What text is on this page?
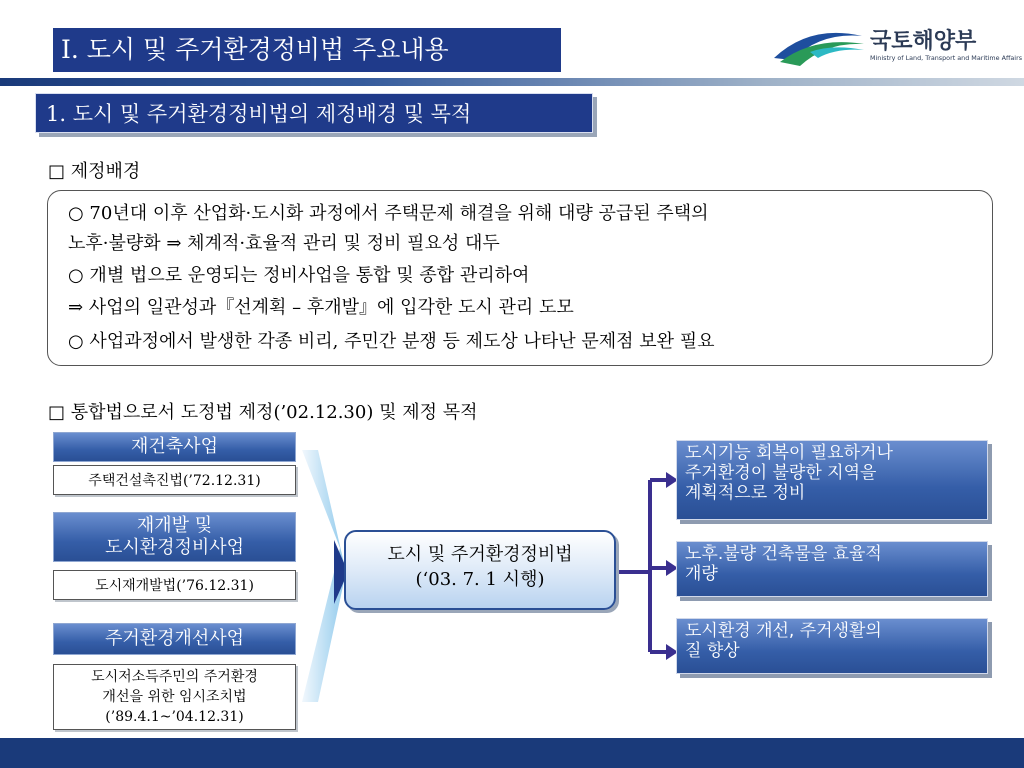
Ⅰ. 도시 및 주거환경정비법 주요내용	국토해양부
Ministry of Land, Transport and Maritime Affairs
1. 도시 및 주거환경정비법의 제정배경 및 목적
□ 제정배경
○ 70년대 이후 산업화·도시화 과정에서 주택문제 해결을 위해 대량 공급된 주택의
노후·불량화 ⇒ 체계적·효율적 관리 및 정비 필요성 대두
○ 개별 법으로 운영되는 정비사업을 통합 및 종합 관리하여
⇒ 사업의 일관성과『선계획 – 후개발』에 입각한 도시 관리 도모
○ 사업과정에서 발생한 각종 비리, 주민간 분쟁 등 제도상 나타난 문제점 보완 필요
□ 통합법으로서 도정법 제정(’02.12.30) 및 제정 목적
재건축사업
주택건설촉진법(’72.12.31)
재개발 및
도시환경정비사업
도시재개발법(’76.12.31)
주거환경개선사업
도시저소득주민의 주거환경
개선을 위한 임시조치법
(’89.4.1~’04.12.31)
도시 및 주거환경정비법
(‘03. 7. 1 시행)
도시기능 회복이 필요하거나
주거환경이 불량한 지역을
계획적으로 정비
노후.불량 건축물을 효율적
개량
도시환경 개선, 주거생활의
질 향상
